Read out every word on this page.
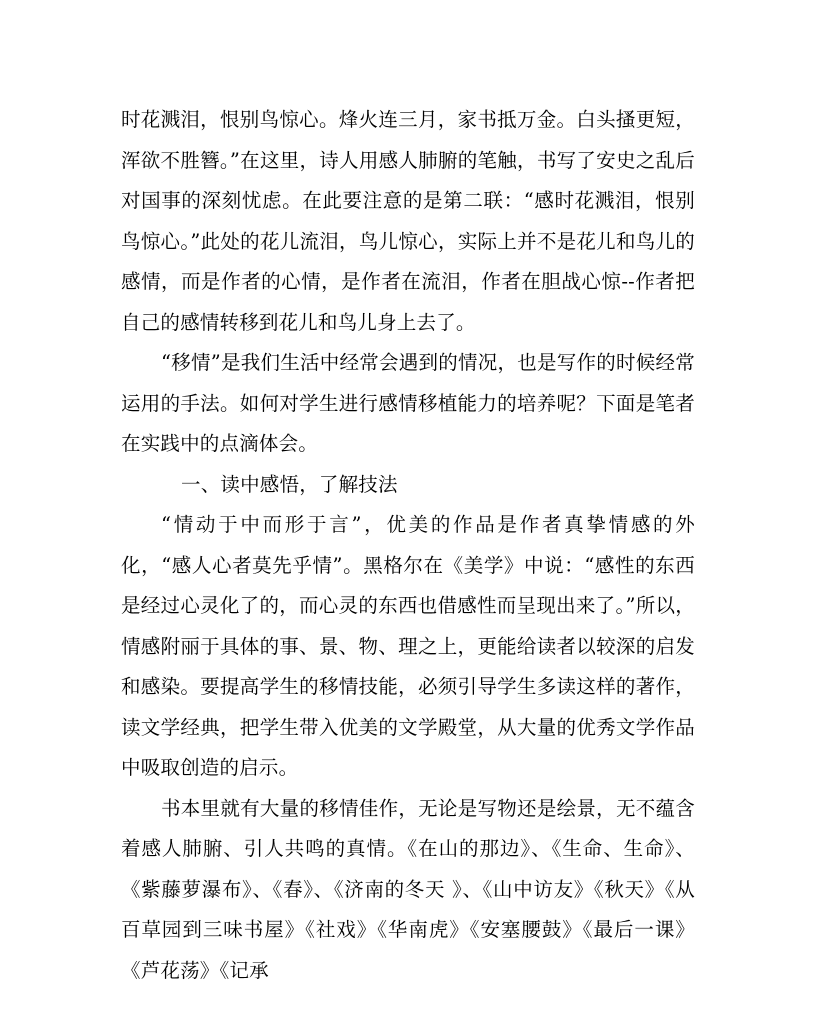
时花溅泪，恨别鸟惊心。烽火连三月，家书抵万金。白头搔更短，浑欲不胜簪。”在这里，诗人用感人肺腑的笔触，书写了安史之乱后对国事的深刻忧虑。在此要注意的是第二联：“感时花溅泪，恨别鸟惊心。”此处的花儿流泪，鸟儿惊心，实际上并不是花儿和鸟儿的感情，而是作者的心情，是作者在流泪，作者在胆战心惊--作者把自己的感情转移到花儿和鸟儿身上去了。

“移情”是我们生活中经常会遇到的情况，也是写作的时候经常运用的手法。如何对学生进行感情移植能力的培养呢？下面是笔者在实践中的点滴体会。

一、读中感悟，了解技法

“情动于中而形于言”，优美的作品是作者真挚情感的外化，“感人心者莫先乎情”。黑格尔在《美学》中说：“感性的东西是经过心灵化了的，而心灵的东西也借感性而呈现出来了。”所以，情感附丽于具体的事、景、物、理之上，更能给读者以较深的启发和感染。要提高学生的移情技能，必须引导学生多读这样的著作，读文学经典，把学生带入优美的文学殿堂，从大量的优秀文学作品中吸取创造的启示。

书本里就有大量的移情佳作，无论是写物还是绘景，无不蕴含着感人肺腑、引人共鸣的真情。《在山的那边》、《生命、生命》、《紫藤萝瀑布》、《春》、《济南的冬天 》、《山中访友》《秋天》《从百草园到三味书屋》《社戏》《华南虎》《安塞腰鼓》《最后一课》《芦花荡》《记承
